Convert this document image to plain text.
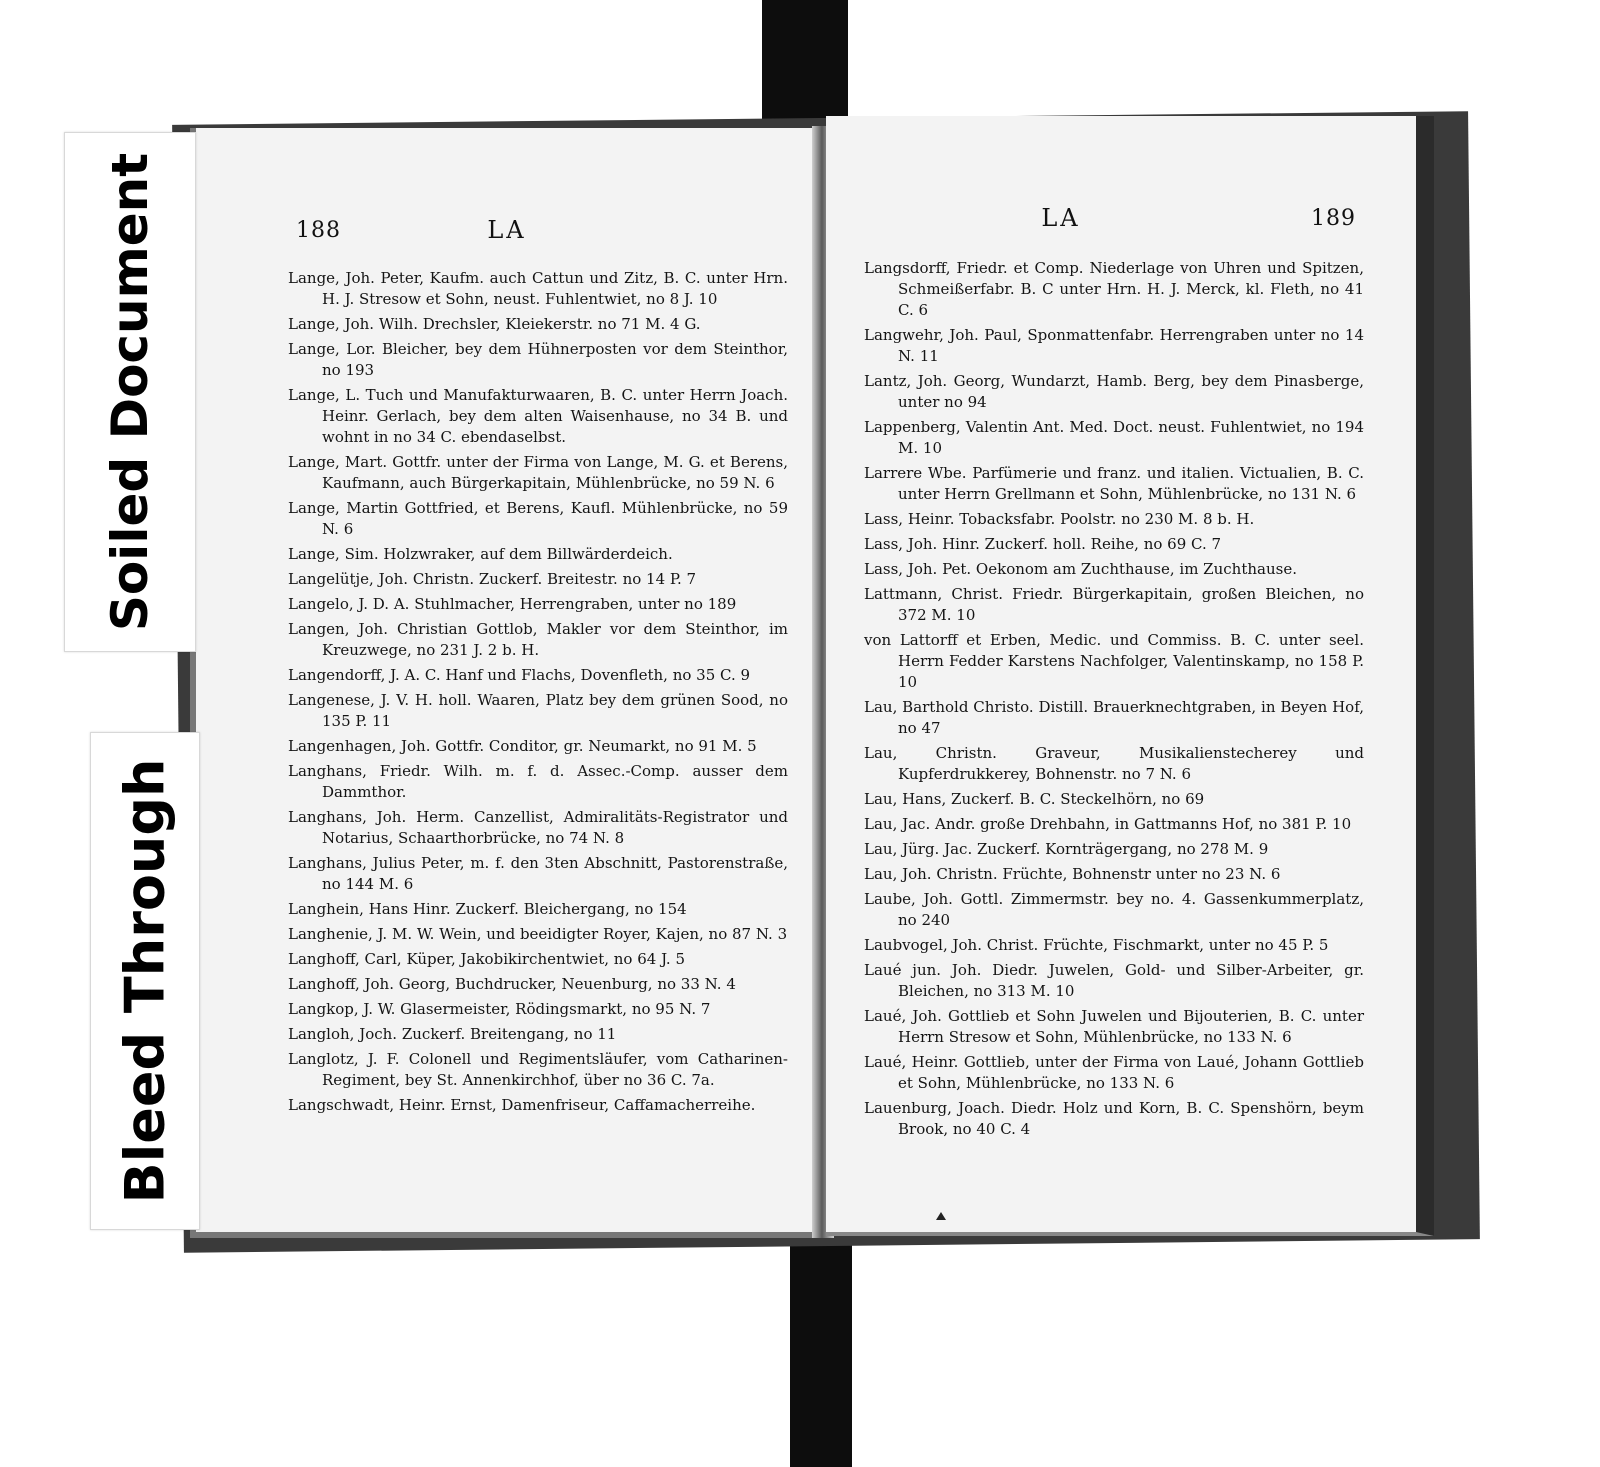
188	LA
Lange, Joh. Peter, Kaufm. auch Cattun und Zitz, B. C. unter Hrn. H. J. Stresow et Sohn, neust. Fuhlentwiet, no 8 J. 10
Lange, Joh. Wilh. Drechsler, Kleiekerstr. no 71 M. 4 G.
Lange, Lor. Bleicher, bey dem Hühnerposten vor dem Steinthor, no 193
Lange, L. Tuch und Manufakturwaaren, B. C. unter Herrn Joach. Heinr. Gerlach, bey dem alten Waisenhause, no 34 B. und wohnt in no 34 C. ebendaselbst.
Lange, Mart. Gottfr. unter der Firma von Lange, M. G. et Berens, Kaufmann, auch Bürgerkapitain, Mühlenbrücke, no 59 N. 6
Lange, Martin Gottfried, et Berens, Kaufl. Mühlenbrücke, no 59 N. 6
Lange, Sim. Holzwraker, auf dem Billwärderdeich.
Langelütje, Joh. Christn. Zuckerf. Breitestr. no 14 P. 7
Langelo, J. D. A. Stuhlmacher, Herrengraben, unter no 189
Langen, Joh. Christian Gottlob, Makler vor dem Steinthor, im Kreuzwege, no 231 J. 2 b. H.
Langendorff, J. A. C. Hanf und Flachs, Dovenfleth, no 35 C. 9
Langenese, J. V. H. holl. Waaren, Platz bey dem grünen Sood, no 135 P. 11
Langenhagen, Joh. Gottfr. Conditor, gr. Neumarkt, no 91 M. 5
Langhans, Friedr. Wilh. m. f. d. Assec.-Comp. ausser dem Dammthor.
Langhans, Joh. Herm. Canzellist, Admiralitäts-Registrator und Notarius, Schaarthorbrücke, no 74 N. 8
Langhans, Julius Peter, m. f. den 3ten Abschnitt, Pastorenstraße, no 144 M. 6
Langhein, Hans Hinr. Zuckerf. Bleichergang, no 154
Langhenie, J. M. W. Wein, und beeidigter Royer, Kajen, no 87 N. 3
Langhoff, Carl, Küper, Jakobikirchentwiet, no 64 J. 5
Langhoff, Joh. Georg, Buchdrucker, Neuenburg, no 33 N. 4
Langkop, J. W. Glasermeister, Rödingsmarkt, no 95 N. 7
Langloh, Joch. Zuckerf. Breitengang, no 11
Langlotz, J. F. Colonell und Regimentsläufer, vom Catharinen-Regiment, bey St. Annenkirchhof, über no 36 C. 7a.
Langschwadt, Heinr. Ernst, Damenfriseur, Caffamacherreihe.
LA	189
Langsdorff, Friedr. et Comp. Niederlage von Uhren und Spitzen, Schmeißerfabr. B. C unter Hrn. H. J. Merck, kl. Fleth, no 41 C. 6
Langwehr, Joh. Paul, Sponmattenfabr. Herrengraben unter no 14 N. 11
Lantz, Joh. Georg, Wundarzt, Hamb. Berg, bey dem Pinasberge, unter no 94
Lappenberg, Valentin Ant. Med. Doct. neust. Fuhlentwiet, no 194 M. 10
Larrere Wbe. Parfümerie und franz. und italien. Victualien, B. C. unter Herrn Grellmann et Sohn, Mühlenbrücke, no 131 N. 6
Lass, Heinr. Tobacksfabr. Poolstr. no 230 M. 8 b. H.
Lass, Joh. Hinr. Zuckerf. holl. Reihe, no 69 C. 7
Lass, Joh. Pet. Oekonom am Zuchthause, im Zuchthause.
Lattmann, Christ. Friedr. Bürgerkapitain, großen Bleichen, no 372 M. 10
von Lattorff et Erben, Medic. und Commiss. B. C. unter seel. Herrn Fedder Karstens Nachfolger, Valentinskamp, no 158 P. 10
Lau, Barthold Christo. Distill. Brauerknechtgraben, in Beyen Hof, no 47
Lau, Christn. Graveur, Musikalienstecherey und Kupferdrukkerey, Bohnenstr. no 7 N. 6
Lau, Hans, Zuckerf. B. C. Steckelhörn, no 69
Lau, Jac. Andr. große Drehbahn, in Gattmanns Hof, no 381 P. 10
Lau, Jürg. Jac. Zuckerf. Kornträgergang, no 278 M. 9
Lau, Joh. Christn. Früchte, Bohnenstr unter no 23 N. 6
Laube, Joh. Gottl. Zimmermstr. bey no. 4. Gassenkummerplatz, no 240
Laubvogel, Joh. Christ. Früchte, Fischmarkt, unter no 45 P. 5
Laué jun. Joh. Diedr. Juwelen, Gold- und Silber-Arbeiter, gr. Bleichen, no 313 M. 10
Laué, Joh. Gottlieb et Sohn Juwelen und Bijouterien, B. C. unter Herrn Stresow et Sohn, Mühlenbrücke, no 133 N. 6
Laué, Heinr. Gottlieb, unter der Firma von Laué, Johann Gottlieb et Sohn, Mühlenbrücke, no 133 N. 6
Lauenburg, Joach. Diedr. Holz und Korn, B. C. Spenshörn, beym Brook, no 40 C. 4
Soiled Document
Bleed Through
